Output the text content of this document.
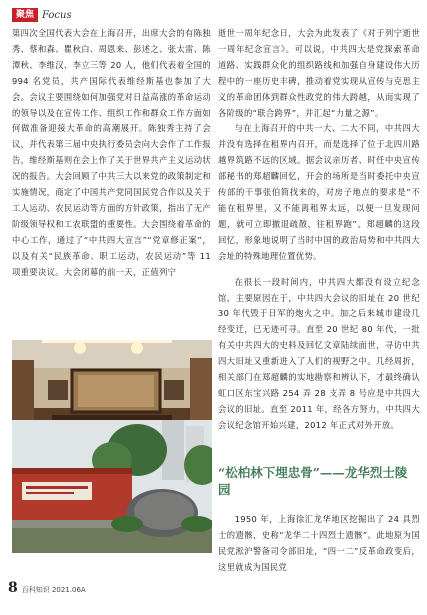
聚焦 Focus

第四次全国代表大会在上海召开，出席大会的有陈独秀、蔡和森、瞿秋白、周恩来、彭述之、张太雷、陈潭秋、李维汉、李立三等 20 人，他们代表着全国的 994 名党员，共产国际代表维经斯基也参加了大会。会议主要围绕如何加强党对日益高涨的革命运动的领导以及在宣传工作、组织工作和群众工作方面如何做准备迎接大革命的高潮展开。陈独秀主持了会议，并代表第三届中央执行委员会向大会作了工作报告，维经斯基则在会上作了关于世界共产主义运动状况的报告。大会回顾了中共三大以来党的政策制定和实施情况，商定了中国共产党同国民党合作以及关于工人运动、农民运动等方面的方针政策，指出了无产阶级领导权和工农联盟的重要性。大会围绕着革命的中心工作，通过了“中共四大宣言”“党章修正案”，以及有关“民族革命、职工运动，农民运动”等 11 项重要决议。大会闭幕的前一天，正值列宁

逝世一周年纪念日，大会为此发表了《对于列宁逝世一周年纪念宣言》。可以说，中共四大是党探索革命道路、实践群众化的组织路线和加强自身建设伟大历程中的一座历史丰碑，推动着党实现从宣传与克思主义的革命团体到群众性政党的伟大跨越，从而实现了各阶级的“联合跨界”，并汇起“力量之源”。

与在上海召开的中共一大、二大不同，中共四大并没有选择在租界内召开，而是选择了位于北四川路越界筑路不远的区域。据会议亲历者、时任中央宣传部秘书的郑超麟回忆，开会的场所是当时委托中央宣传部的干事张伯简找来的，对房子地点的要求是“不能在租界里，又不能离租界太远，以便一旦发现问题，就可立即撤退疏散，往租界跑”。郑超麟的这段回忆，形象地说明了当时中国的政治局势和中共四大会址的特殊地理位置优势。

在很长一段时间内，中共四大都没有设立纪念馆，主要原因在于，中共四大会议的旧址在 20 世纪 30 年代毁于日军的炮火之中。加之后来城市建设几经变迁，已无迹可寻。直至 20 世纪 80 年代，一批有关中共四大的史料及回忆文章陆续面世，寻访中共四大旧址又重新进入了人们的视野之中。几经周折，相关部门在郑超麟的实地勘察和辨认下，才最终确认虹口区东宝兴路 254 弄 28 支弄 8 号应是中共四大会议的旧址。直至 2011 年，经各方努力，中共四大会议纪念馆开始兴建，2012 年正式对外开放。

“松柏林下埋忠骨”——龙华烈士陵园

1950 年，上海徐汇龙华地区挖掘出了 24 具烈士的遗骸，史称“龙华二十四烈士遗骸”。此地原为国民党淞沪警备司令部旧址，“四一二”反革命政变后，这里就成为国民党

8 百科知识 2021.06A
